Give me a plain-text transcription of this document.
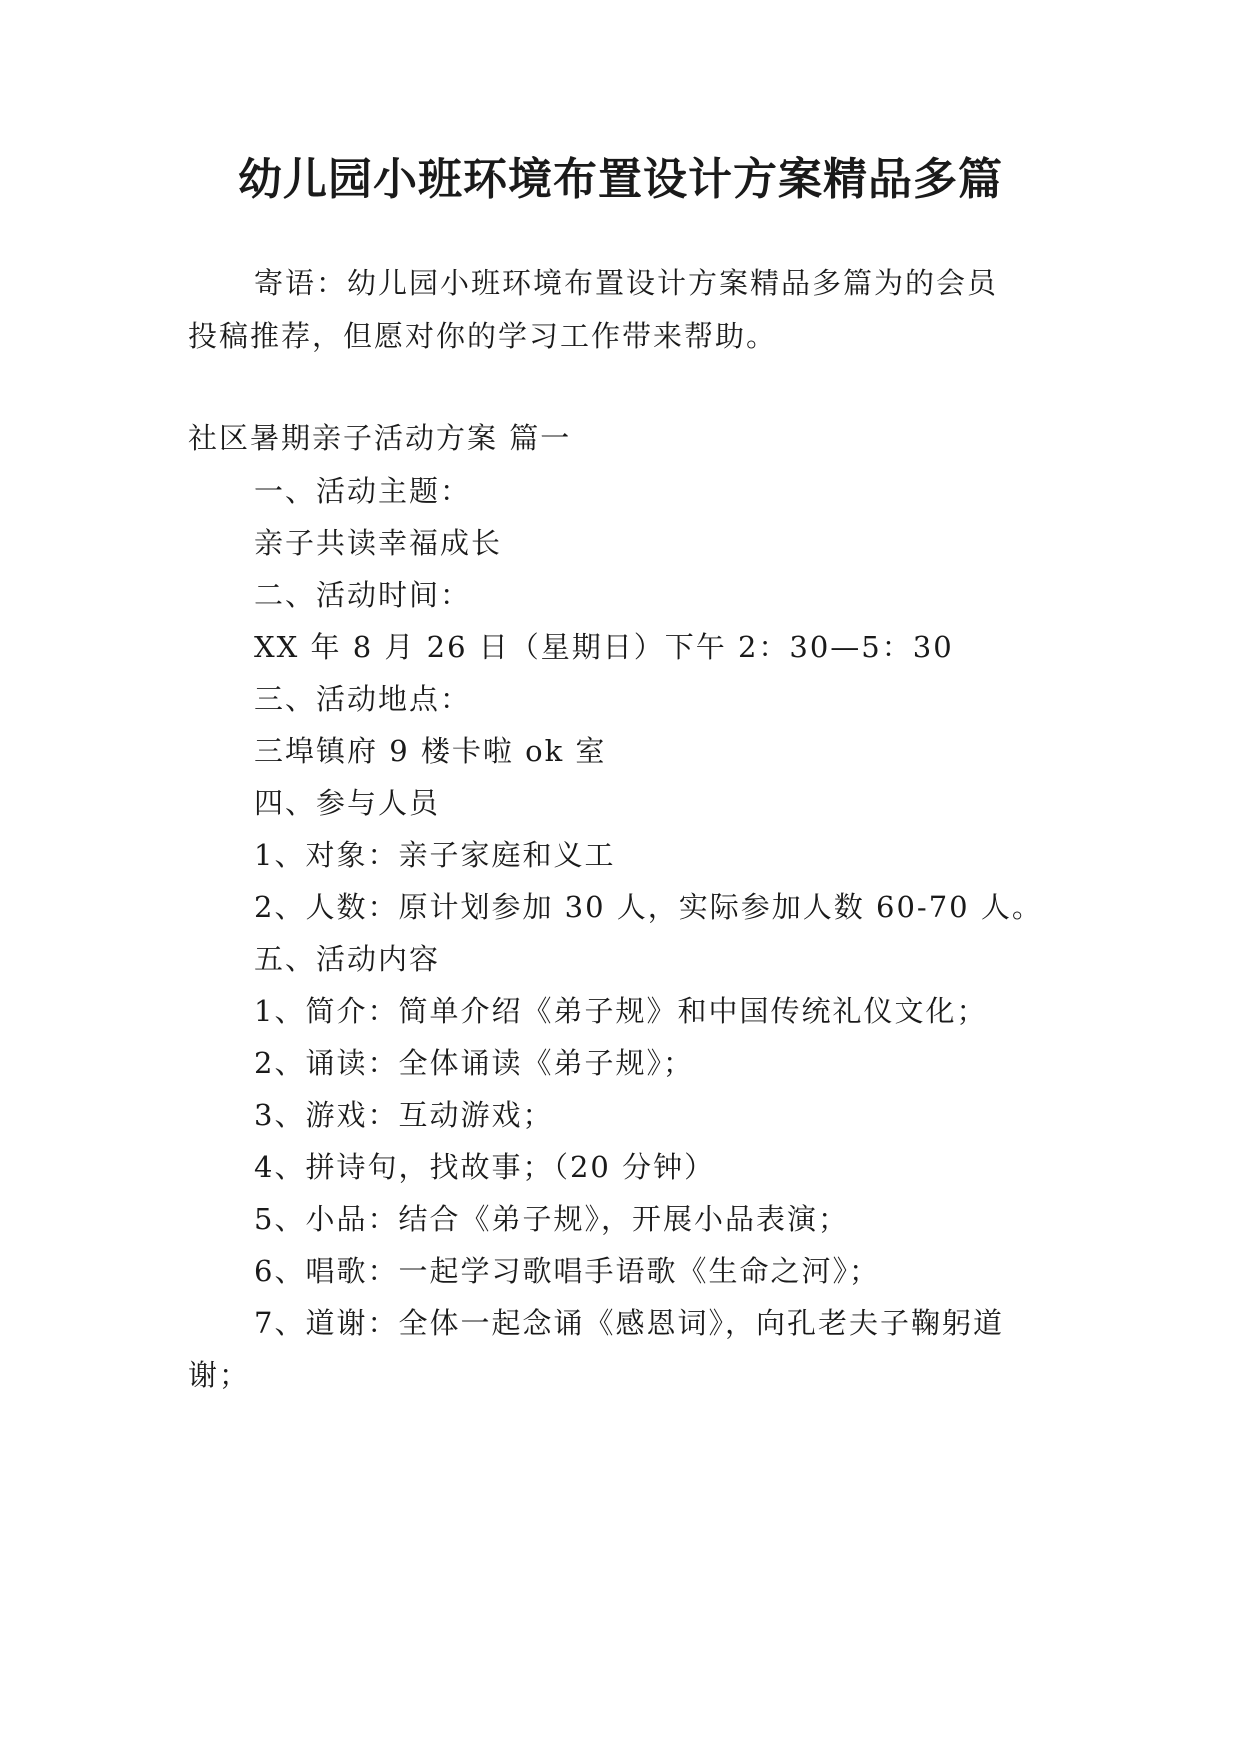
幼儿园小班环境布置设计方案精品多篇

寄语：幼儿园小班环境布置设计方案精品多篇为的会员

投稿推荐，但愿对你的学习工作带来帮助。

社区暑期亲子活动方案 篇一

一、活动主题：

亲子共读幸福成长

二、活动时间：

XX 年 8 月 26 日（星期日）下午 2：30—5：30

三、活动地点：

三埠镇府 9 楼卡啦 ok 室

四、参与人员

1、对象：亲子家庭和义工

2、人数：原计划参加 30 人，实际参加人数 60-70 人。

五、活动内容

1、简介：简单介绍《弟子规》和中国传统礼仪文化；

2、诵读：全体诵读《弟子规》；

3、游戏：互动游戏；

4、拼诗句，找故事；（20 分钟）

5、小品：结合《弟子规》，开展小品表演；

6、唱歌：一起学习歌唱手语歌《生命之河》；

7、道谢：全体一起念诵《感恩词》，向孔老夫子鞠躬道

谢；
